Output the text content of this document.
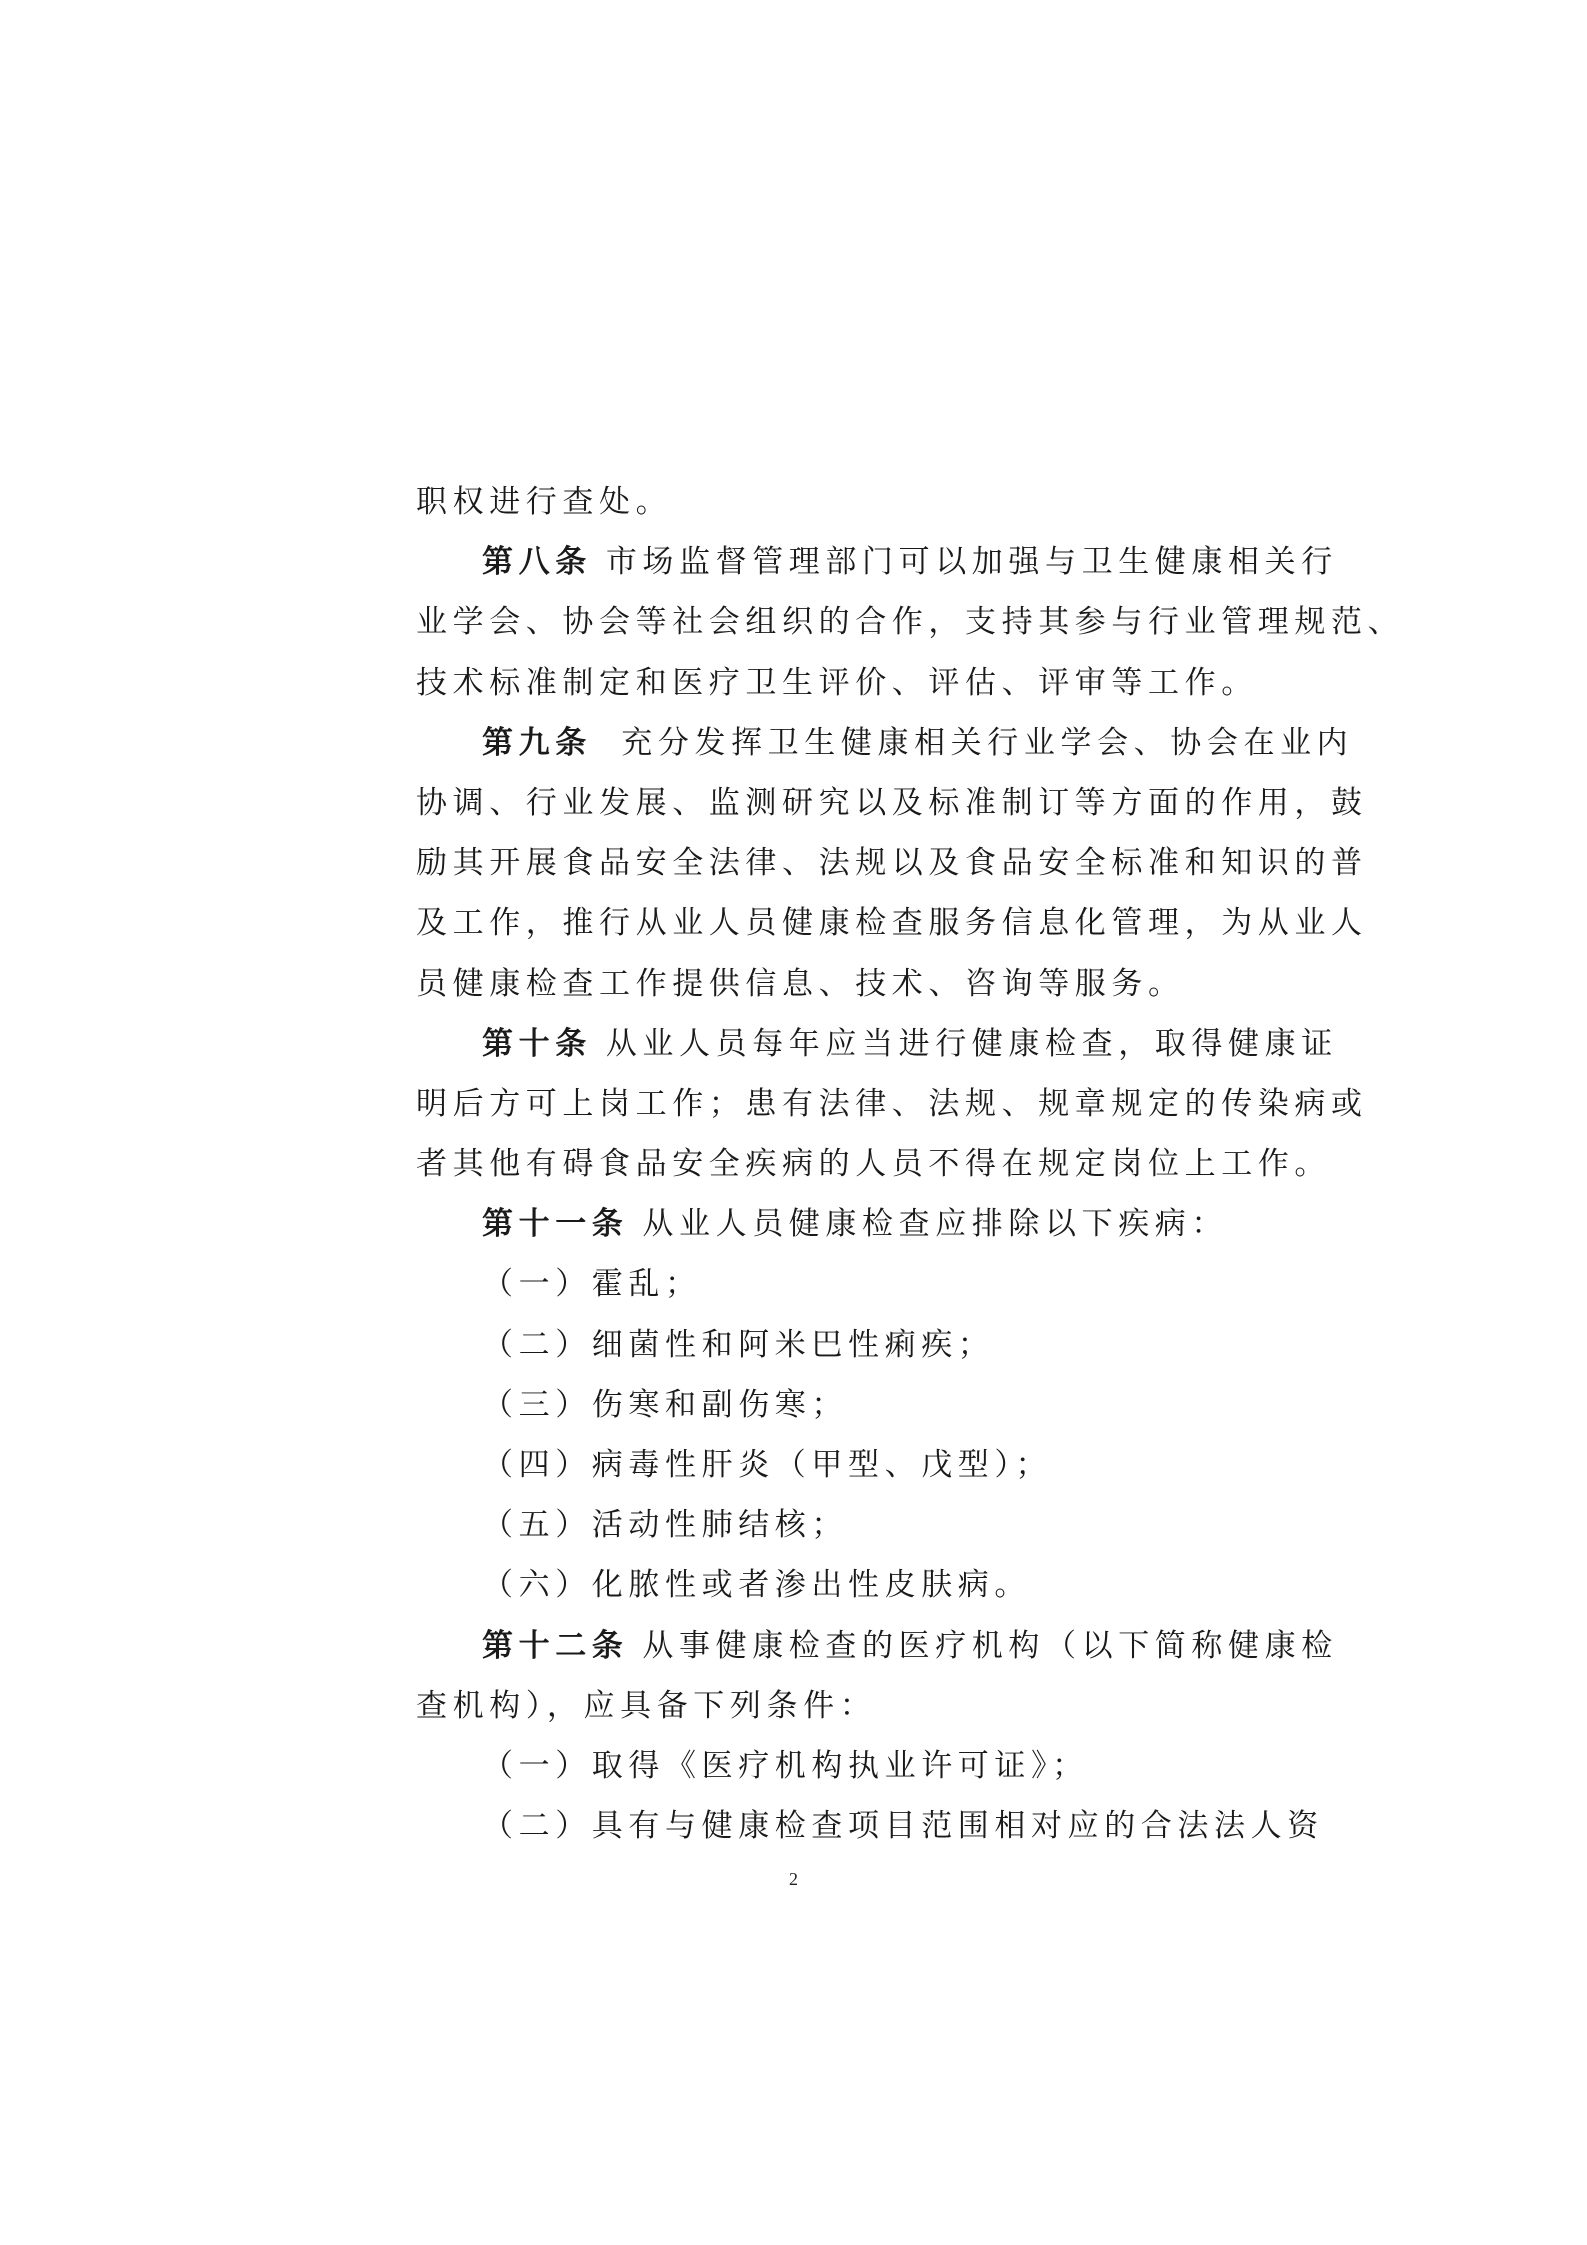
职权进行查处。
第八条 市场监督管理部门可以加强与卫生健康相关行
业学会、协会等社会组织的合作，支持其参与行业管理规范、
技术标准制定和医疗卫生评价、评估、评审等工作。
第九条 充分发挥卫生健康相关行业学会、协会在业内
协调、行业发展、监测研究以及标准制订等方面的作用，鼓
励其开展食品安全法律、法规以及食品安全标准和知识的普
及工作，推行从业人员健康检查服务信息化管理，为从业人
员健康检查工作提供信息、技术、咨询等服务。
第十条 从业人员每年应当进行健康检查，取得健康证
明后方可上岗工作；患有法律、法规、规章规定的传染病或
者其他有碍食品安全疾病的人员不得在规定岗位上工作。
第十一条 从业人员健康检查应排除以下疾病：
（一）霍乱；
（二）细菌性和阿米巴性痢疾；
（三）伤寒和副伤寒；
（四）病毒性肝炎（甲型、戊型）；
（五）活动性肺结核；
（六）化脓性或者渗出性皮肤病。
第十二条 从事健康检查的医疗机构（以下简称健康检
查机构），应具备下列条件：
（一）取得《医疗机构执业许可证》；
（二）具有与健康检查项目范围相对应的合法法人资
2
